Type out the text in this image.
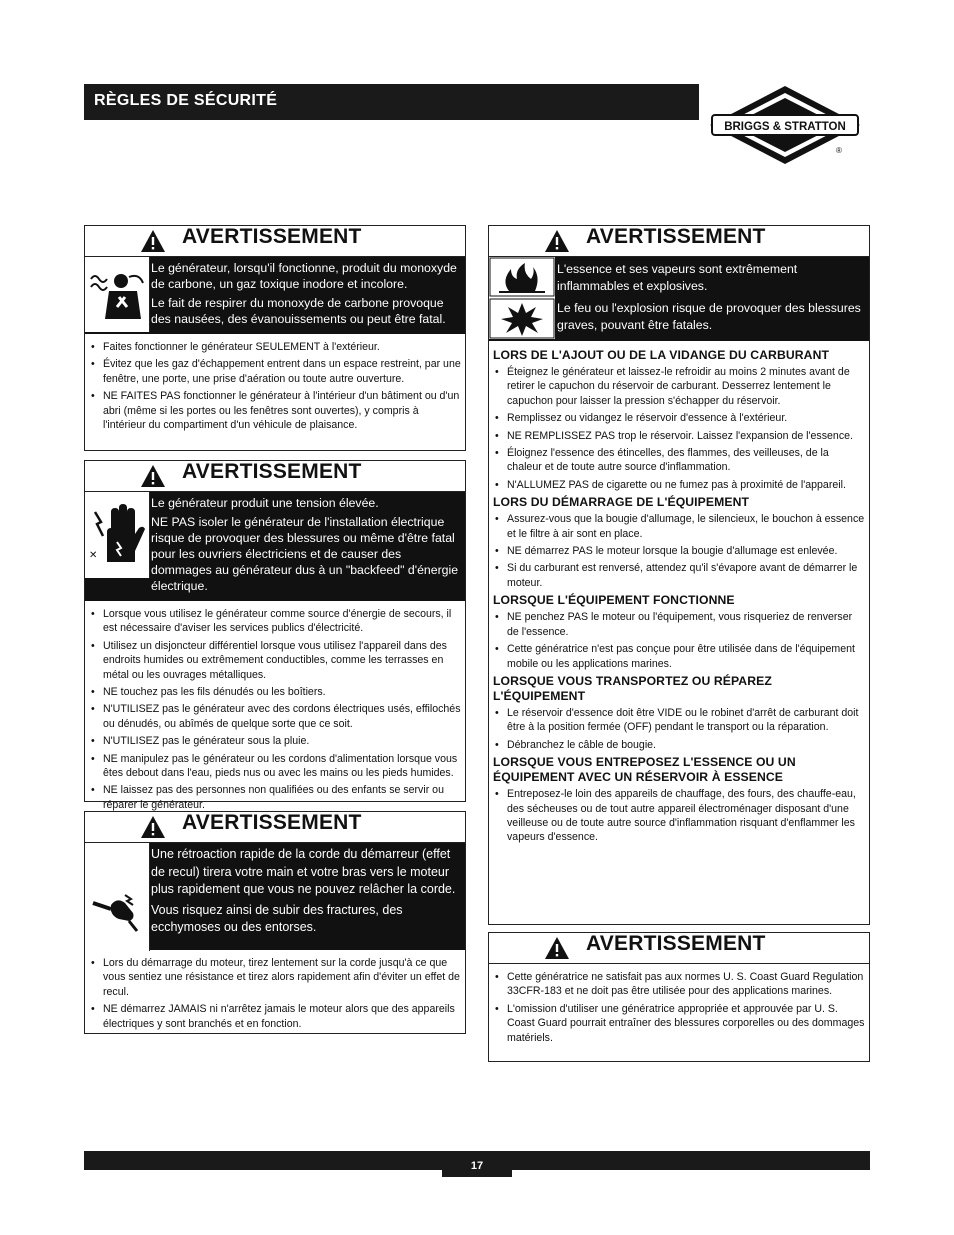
RÈGLES DE SÉCURITÉ
BRIGGS & STRATTON
®
AVERTISSEMENT

Le générateur, lorsqu'il fonctionne, produit du monoxyde de carbone, un gaz toxique inodore et incolore.

Le fait de respirer du monoxyde de carbone provoque des nausées, des évanouissements ou peut être fatal.

• Faites fonctionner le générateur SEULEMENT à l'extérieur.
• Évitez que les gaz d'échappement entrent dans un espace restreint, par une fenêtre, une porte, une prise d'aération ou toute autre ouverture.
• NE FAITES PAS fonctionner le générateur à l'intérieur d'un bâtiment ou d'un abri (même si les portes ou les fenêtres sont ouvertes), y compris à l'intérieur du compartiment d'un véhicule de plaisance.
AVERTISSEMENT
✕

Le générateur produit une tension élevée.

NE PAS isoler le générateur de l'installation électrique risque de provoquer des blessures ou même d'être fatal pour les ouvriers électriciens et de causer des dommages au générateur dus à un "backfeed" d'énergie électrique.

• Lorsque vous utilisez le générateur comme source d'énergie de secours, il est nécessaire d'aviser les services publics d'électricité.
• Utilisez un disjoncteur différentiel lorsque vous utilisez l'appareil dans des endroits humides ou extrêmement conductibles, comme les terrasses en métal ou les ouvrages métalliques.
• NE touchez pas les fils dénudés ou les boîtiers.
• N'UTILISEZ pas le générateur avec des cordons électriques usés, effilochés ou dénudés, ou abîmés de quelque sorte que ce soit.
• N'UTILISEZ pas le générateur sous la pluie.
• NE manipulez pas le générateur ou les cordons d'alimentation lorsque vous êtes debout dans l'eau, pieds nus ou avec les mains ou les pieds humides.
• NE laissez pas des personnes non qualifiées ou des enfants se servir ou réparer le générateur.
AVERTISSEMENT

Une rétroaction rapide de la corde du démarreur (effet de recul) tirera votre main et votre bras vers le moteur plus rapidement que vous ne pouvez relâcher la corde.

Vous risquez ainsi de subir des fractures, des ecchymoses ou des entorses.

• Lors du démarrage du moteur, tirez lentement sur la corde jusqu'à ce que vous sentiez une résistance et tirez alors rapidement afin d'éviter un effet de recul.
• NE démarrez JAMAIS ni n'arrêtez jamais le moteur alors que des appareils électriques y sont branchés et en fonction.
AVERTISSEMENT

L'essence et ses vapeurs sont extrêmement inflammables et explosives.

Le feu ou l'explosion risque de provoquer des blessures graves, pouvant être fatales.

LORS DE L'AJOUT OU DE LA VIDANGE DU CARBURANT
• Éteignez le générateur et laissez-le refroidir au moins 2 minutes avant de retirer le capuchon du réservoir de carburant. Desserrez lentement le capuchon pour laisser la pression s'échapper du réservoir.
• Remplissez ou vidangez le réservoir d'essence à l'extérieur.
• NE REMPLISSEZ PAS trop le réservoir. Laissez l'expansion de l'essence.
• Éloignez l'essence des étincelles, des flammes, des veilleuses, de la chaleur et de toute autre source d'inflammation.
• N'ALLUMEZ PAS de cigarette ou ne fumez pas à proximité de l'appareil.
LORS DU DÉMARRAGE DE L'ÉQUIPEMENT
• Assurez-vous que la bougie d'allumage, le silencieux, le bouchon à essence et le filtre à air sont en place.
• NE démarrez PAS le moteur lorsque la bougie d'allumage est enlevée.
• Si du carburant est renversé, attendez qu'il s'évapore avant de démarrer le moteur.
LORSQUE L'ÉQUIPEMENT FONCTIONNE
• NE penchez PAS le moteur ou l'équipement, vous risqueriez de renverser de l'essence.
• Cette génératrice n'est pas conçue pour être utilisée dans de l'équipement mobile ou les applications marines.
LORSQUE VOUS TRANSPORTEZ OU RÉPAREZ L'ÉQUIPEMENT
• Le réservoir d'essence doit être VIDE ou le robinet d'arrêt de carburant doit être à la position fermée (OFF) pendant le transport ou la réparation.
• Débranchez le câble de bougie.
LORSQUE VOUS ENTREPOSEZ L'ESSENCE OU UN ÉQUIPEMENT AVEC UN RÉSERVOIR À ESSENCE
• Entreposez-le loin des appareils de chauffage, des fours, des chauffe-eau, des sécheuses ou de tout autre appareil électroménager disposant d'une veilleuse ou de toute autre source d'inflammation risquant d'enflammer les vapeurs d'essence.
AVERTISSEMENT
• Cette génératrice ne satisfait pas aux normes U. S. Coast Guard Regulation 33CFR-183 et ne doit pas être utilisée pour des applications marines.
• L'omission d'utiliser une génératrice appropriée et approuvée par U. S. Coast Guard pourrait entraîner des blessures corporelles ou des dommages matériels.
17
